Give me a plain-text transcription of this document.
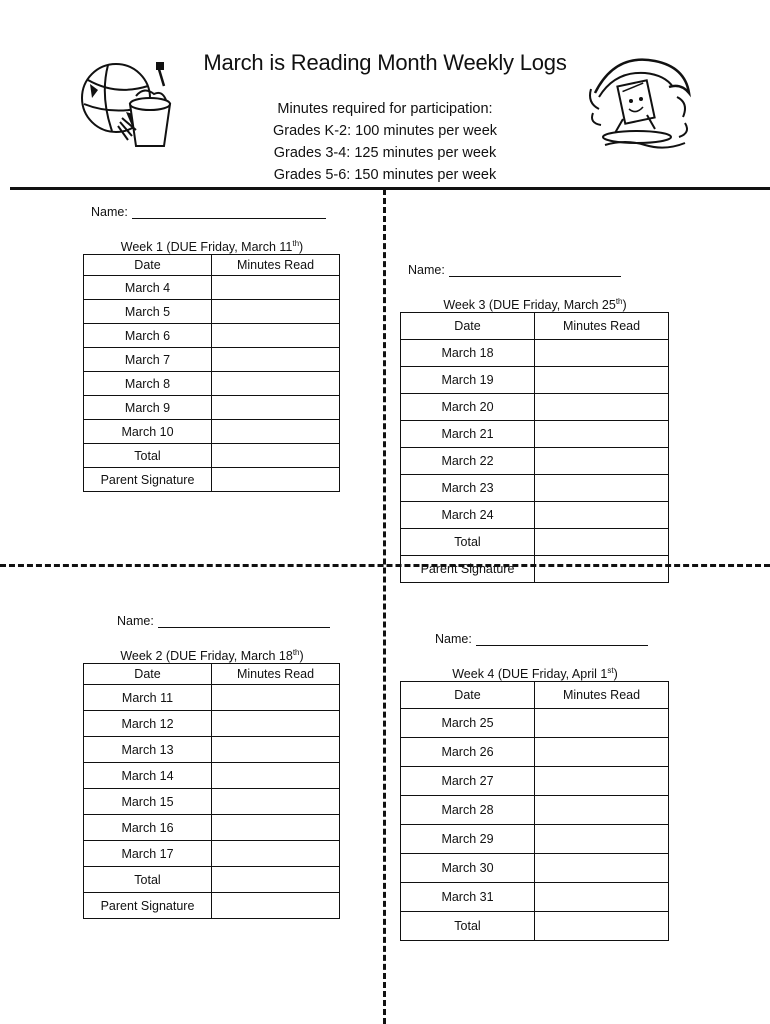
March is Reading Month Weekly Logs
Minutes required for participation:
Grades K-2: 100 minutes per week
Grades 3-4: 125 minutes per week
Grades 5-6: 150 minutes per week
Name:
Week 1 (DUE Friday, March 11th)
Date	Minutes Read
March 4	
March 5	
March 6	
March 7	
March 8	
March 9	
March 10	
Total	
Parent Signature	
Name:
Week 2 (DUE Friday, March 18th)
Date	Minutes Read
March 11	
March 12	
March 13	
March 14	
March 15	
March 16	
March 17	
Total	
Parent Signature	
Name:
Week 3 (DUE Friday, March 25th)
Date	Minutes Read
March 18	
March 19	
March 20	
March 21	
March 22	
March 23	
March 24	
Total	
Parent Signature	
Name:
Week 4 (DUE Friday, April 1st)
Date	Minutes Read
March 25	
March 26	
March 27	
March 28	
March 29	
March 30	
March 31	
Total	
